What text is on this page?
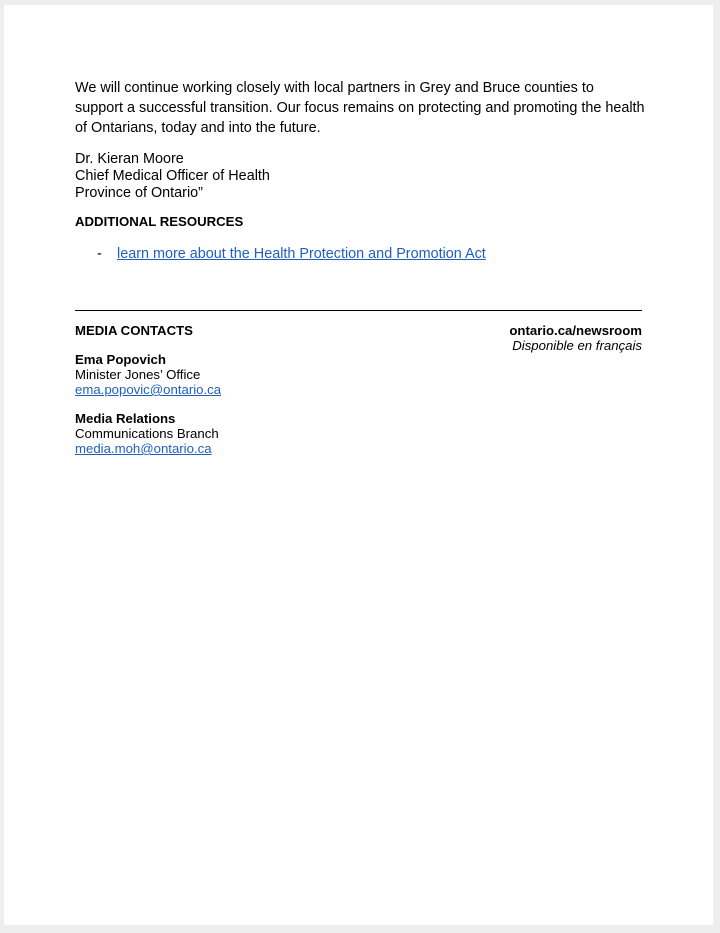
We will continue working closely with local partners in Grey and Bruce counties to support a successful transition. Our focus remains on protecting and promoting the health of Ontarians, today and into the future.

Dr. Kieran Moore
Chief Medical Officer of Health
Province of Ontario”
ADDITIONAL RESOURCES
- learn more about the Health Protection and Promotion Act
MEDIA CONTACTS	ontario.ca/newsroom
Disponible en français
Ema Popovich
Minister Jones’ Office
ema.popovic@ontario.ca
Media Relations
Communications Branch
media.moh@ontario.ca
